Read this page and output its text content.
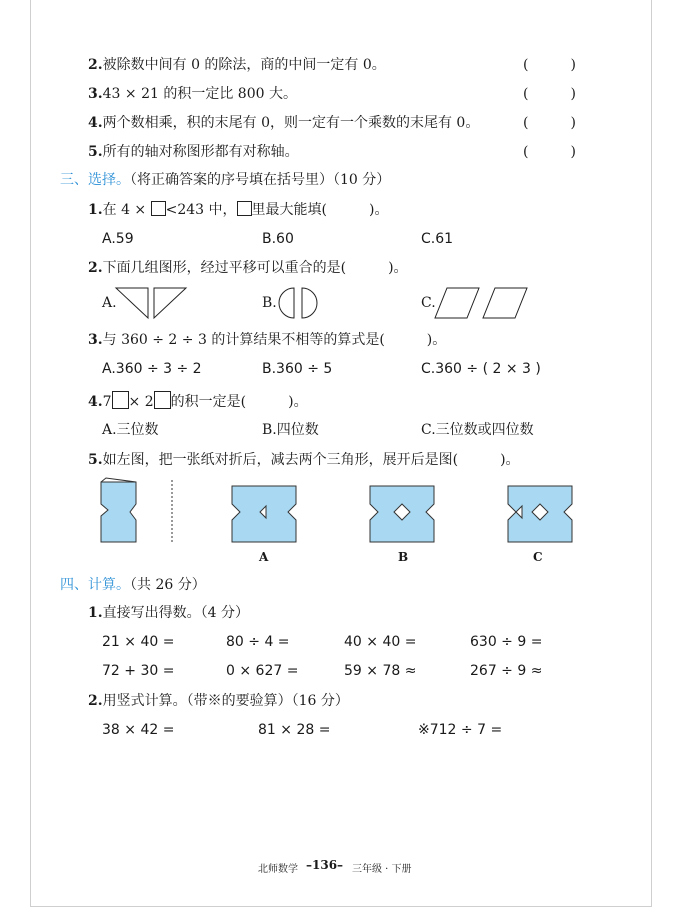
2.被除数中间有 0 的除法，商的中间一定有 0。	(　　　)
3.43 × 21 的积一定比 800 大。	(　　　)
4.两个数相乘，积的末尾有 0，则一定有一个乘数的末尾有 0。	(　　　)
5.所有的轴对称图形都有对称轴。	(　　　)
三、选择。（将正确答案的序号填在括号里）（10 分）
1.在 4 × <243 中， 里最大能填(　　　)。
A.59	B.60	C.61
2.下面几组图形，经过平移可以重合的是(　　　)。
A.	B.	C.
3.与 360 ÷ 2 ÷ 3 的计算结果不相等的算式是(　　　)。
A.360 ÷ 3 ÷ 2	B.360 ÷ 5	C.360 ÷ ( 2 × 3 )
4.7 × 2 的积一定是(　　　)。
A.三位数	B.四位数	C.三位数或四位数
5.如左图，把一张纸对折后，减去两个三角形，展开后是图(　　　)。
A	B	C
四、计算。（共 26 分）
1.直接写出得数。（4 分）
21 × 40 =	80 ÷ 4 =	40 × 40 =	630 ÷ 9 =
72 + 30 =	0 × 627 =	59 × 78 ≈	267 ÷ 9 ≈
2.用竖式计算。（带※的要验算）（16 分）
38 × 42 =	81 × 28 =	※712 ÷ 7 =
北师数学 –136– 三年级 · 下册
